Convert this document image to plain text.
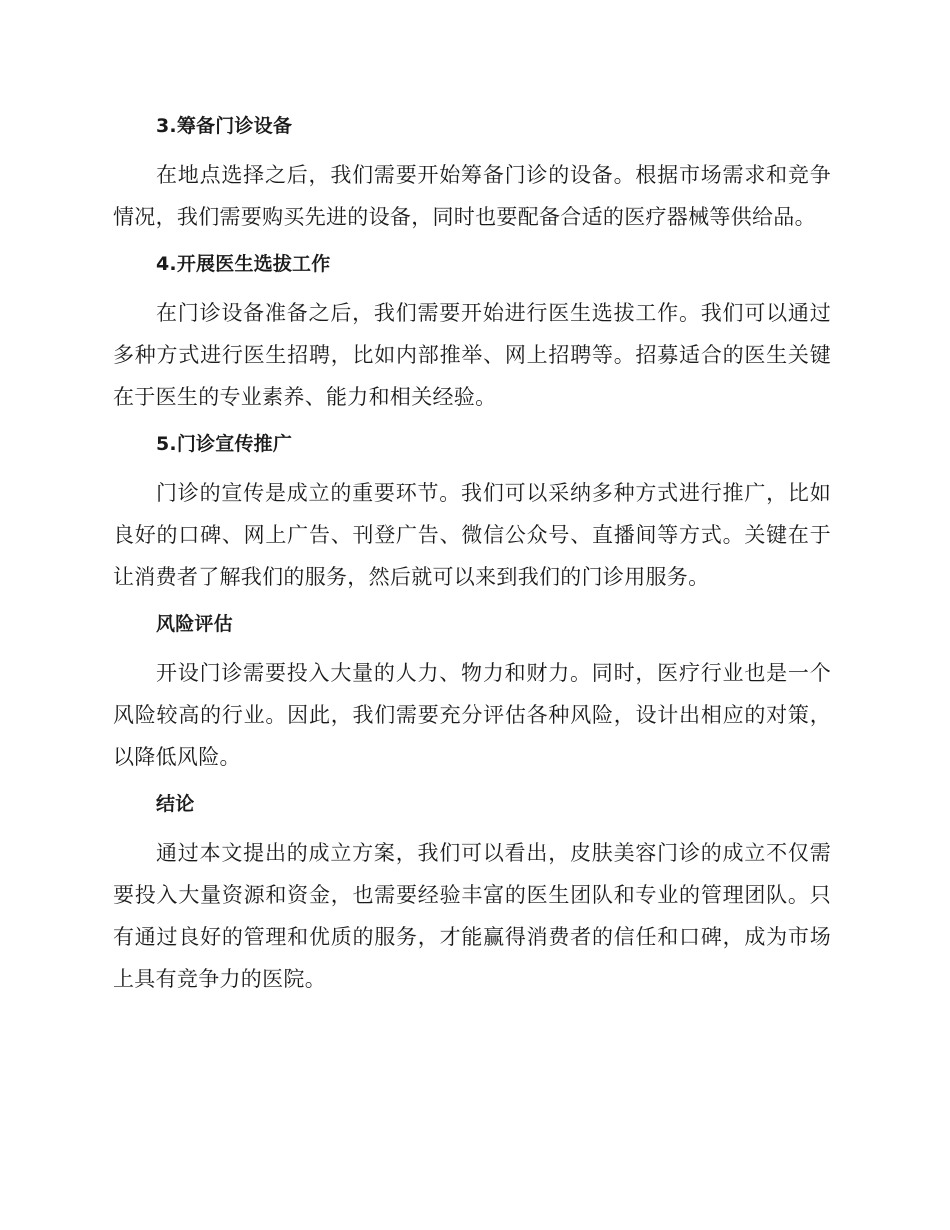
3.筹备门诊设备

在地点选择之后，我们需要开始筹备门诊的设备。根据市场需求和竞争情况，我们需要购买先进的设备，同时也要配备合适的医疗器械等供给品。

4.开展医生选拔工作

在门诊设备准备之后，我们需要开始进行医生选拔工作。我们可以通过多种方式进行医生招聘，比如内部推举、网上招聘等。招募适合的医生关键在于医生的专业素养、能力和相关经验。

5.门诊宣传推广

门诊的宣传是成立的重要环节。我们可以采纳多种方式进行推广，比如良好的口碑、网上广告、刊登广告、微信公众号、直播间等方式。关键在于让消费者了解我们的服务，然后就可以来到我们的门诊用服务。

风险评估

开设门诊需要投入大量的人力、物力和财力。同时，医疗行业也是一个风险较高的行业。因此，我们需要充分评估各种风险，设计出相应的对策，以降低风险。

结论

通过本文提出的成立方案，我们可以看出，皮肤美容门诊的成立不仅需要投入大量资源和资金，也需要经验丰富的医生团队和专业的管理团队。只有通过良好的管理和优质的服务，才能赢得消费者的信任和口碑，成为市场上具有竞争力的医院。
